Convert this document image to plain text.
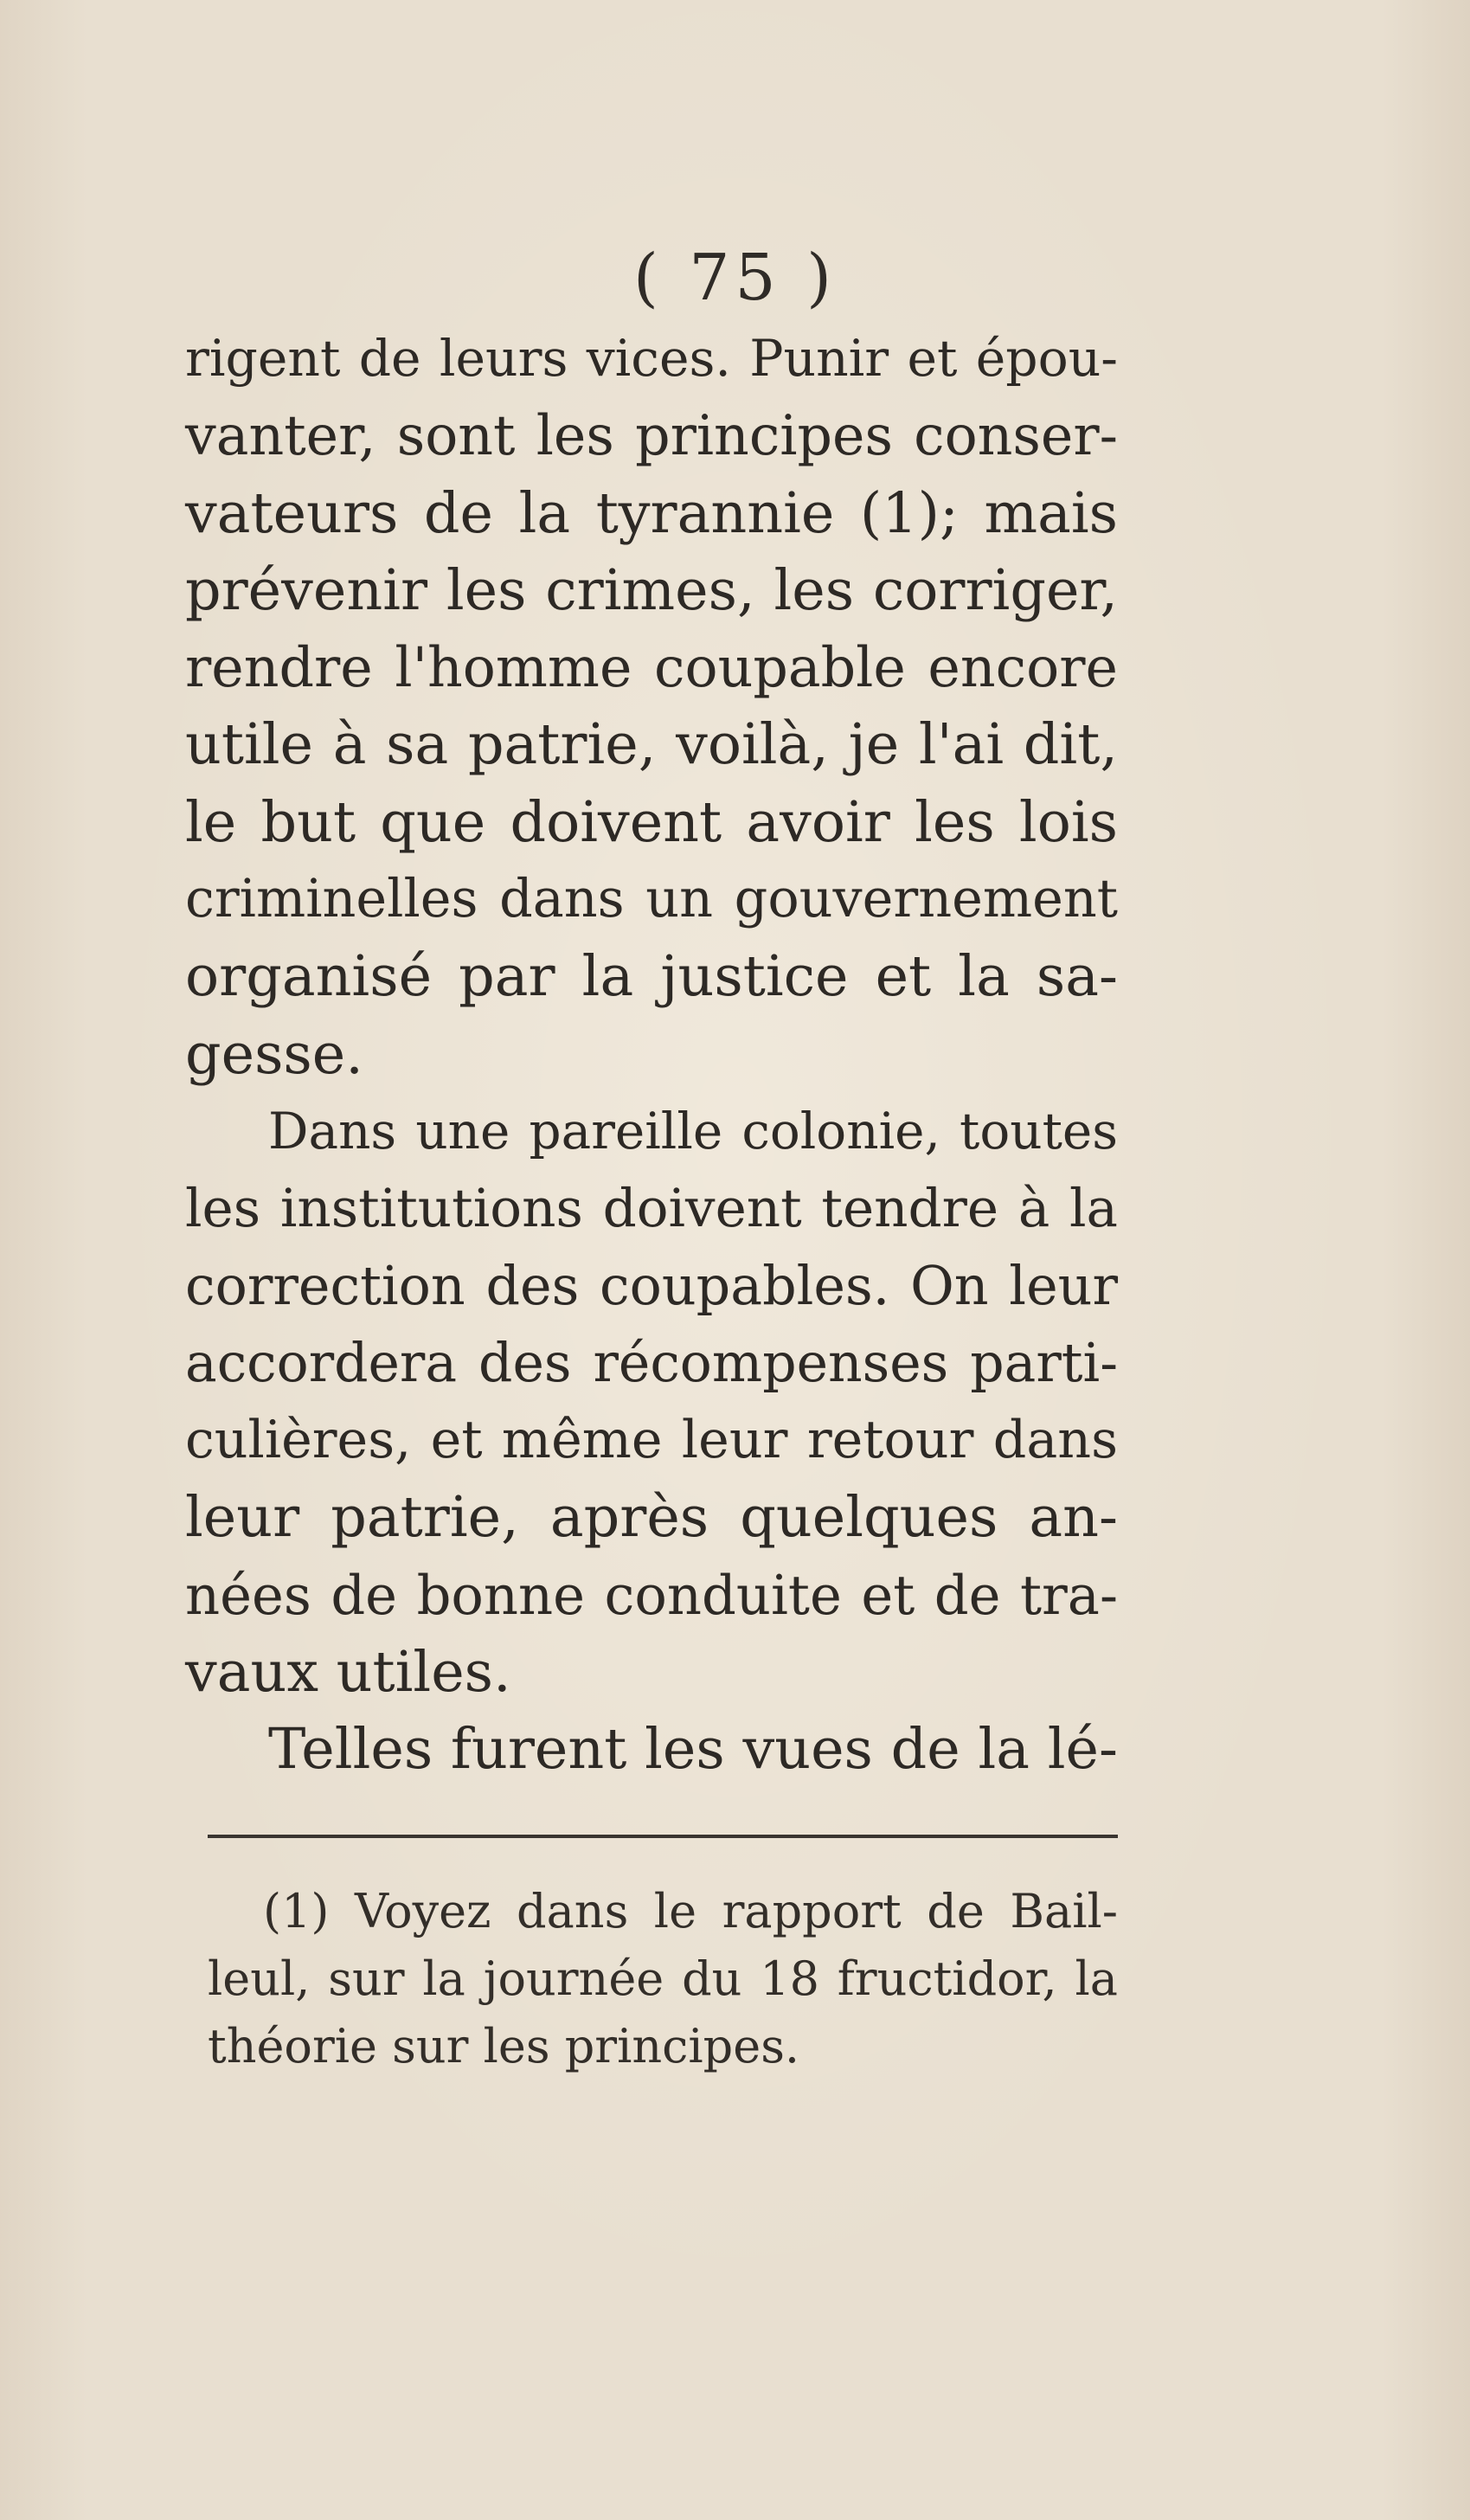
( 75 )

rigent de leurs vices. Punir et épou-
vanter, sont les principes conser-
vateurs de la tyrannie (1); mais
prévenir les crimes, les corriger,
rendre l'homme coupable encore
utile à sa patrie, voilà, je l'ai dit,
le but que doivent avoir les lois
criminelles dans un gouvernement
organisé par la justice et la sa-
gesse.
Dans une pareille colonie, toutes
les institutions doivent tendre à la
correction des coupables. On leur
accordera des récompenses parti-
culières, et même leur retour dans
leur patrie, après quelques an-
nées de bonne conduite et de tra-
vaux utiles.
Telles furent les vues de la lé-
(1) Voyez dans le rapport de Bail-
leul, sur la journée du 18 fructidor, la
théorie sur les principes.
